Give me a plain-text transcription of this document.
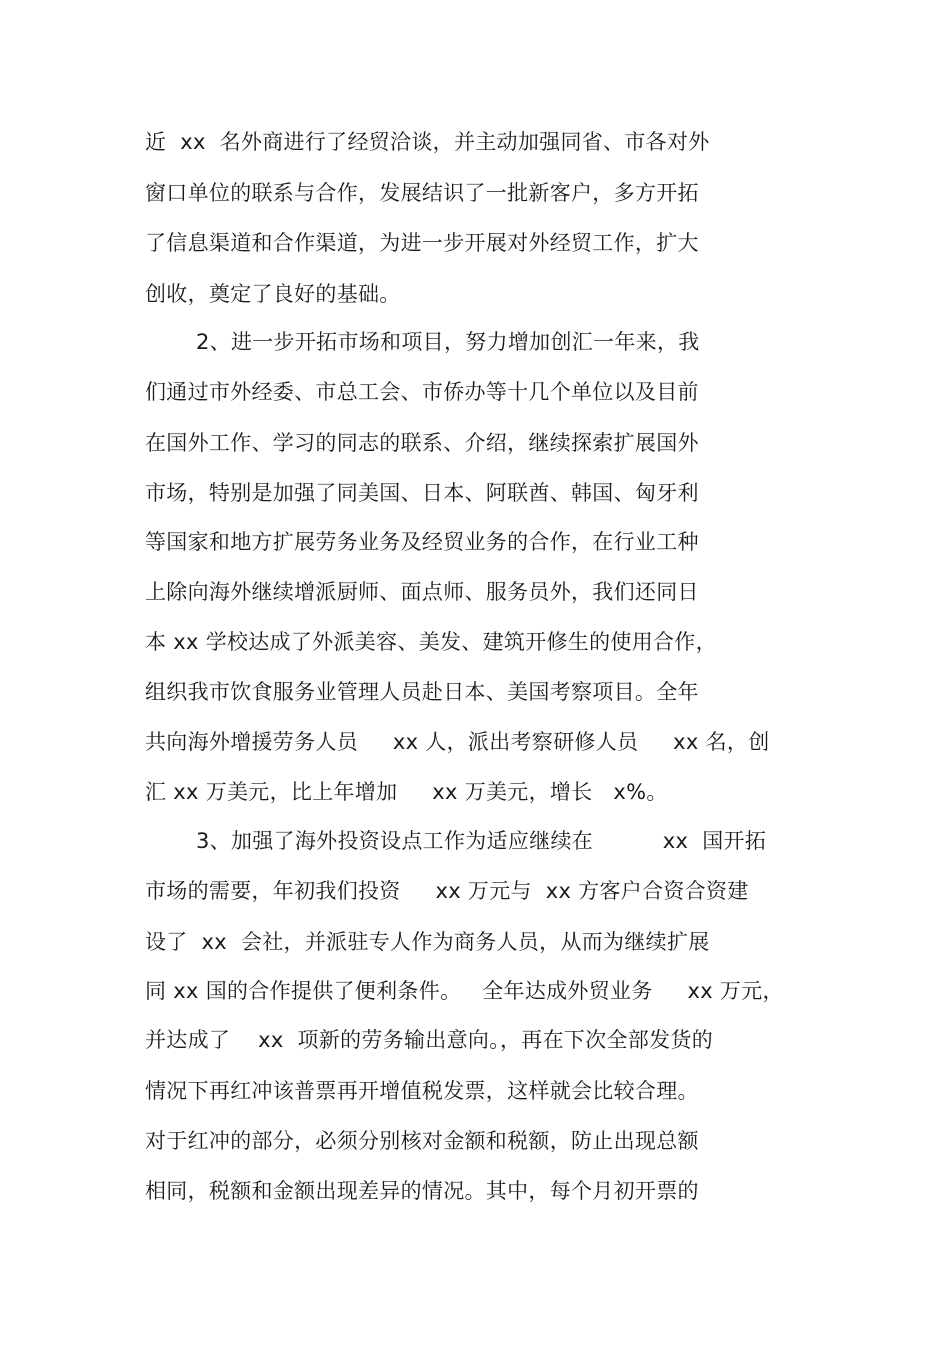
近  xx  名外商进行了经贸洽谈，并主动加强同省、市各对外
窗口单位的联系与合作，发展结识了一批新客户，多方开拓
了信息渠道和合作渠道，为进一步开展对外经贸工作，扩大
创收，奠定了良好的基础。
2、进一步开拓市场和项目，努力增加创汇一年来，我
们通过市外经委、市总工会、市侨办等十几个单位以及目前
在国外工作、学习的同志的联系、介绍，继续探索扩展国外
市场，特别是加强了同美国、日本、阿联酋、韩国、匈牙利
等国家和地方扩展劳务业务及经贸业务的合作，在行业工种
上除向海外继续增派厨师、面点师、服务员外，我们还同日
本 xx 学校达成了外派美容、美发、建筑开修生的使用合作，
组织我市饮食服务业管理人员赴日本、美国考察项目。全年
共向海外增援劳务人员     xx 人，派出考察研修人员     xx 名，创
汇 xx 万美元，比上年增加     xx 万美元，增长   x%。
3、加强了海外投资设点工作为适应继续在          xx  国开拓
市场的需要，年初我们投资     xx 万元与  xx 方客户合资合资建
设了  xx  会社，并派驻专人作为商务人员，从而为继续扩展
同 xx 国的合作提供了便利条件。   全年达成外贸业务     xx 万元，
并达成了    xx  项新的劳务输出意向。，再在下次全部发货的
情况下再红冲该普票再开增值税发票，这样就会比较合理。
对于红冲的部分，必须分别核对金额和税额，防止出现总额
相同，税额和金额出现差异的情况。其中，每个月初开票的
